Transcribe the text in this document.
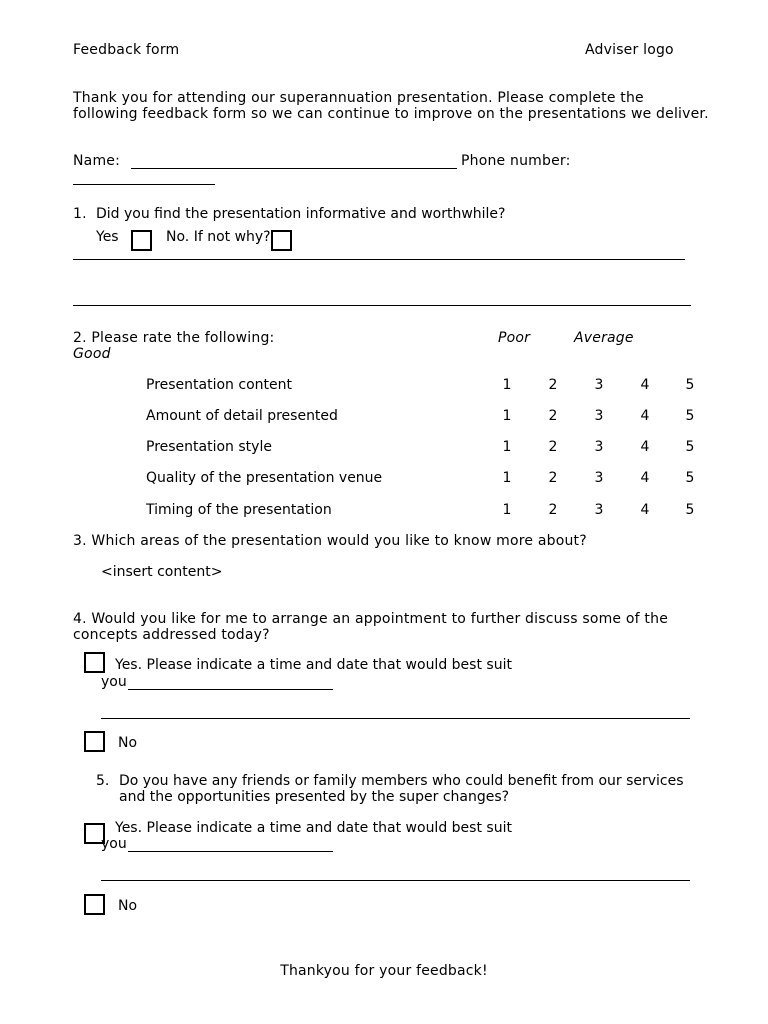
Feedback form	Adviser logo
Thank you for attending our superannuation presentation. Please complete the following feedback form so we can continue to improve on the presentations we deliver.
Name:	Phone number:
1. Did you find the presentation informative and worthwhile?
Yes	No. If not why?
2. Please rate the following:	Poor	Average
Good
Presentation content	1	2	3	4	5
Amount of detail presented	1	2	3	4	5
Presentation style	1	2	3	4	5
Quality of the presentation venue	1	2	3	4	5
Timing of the presentation	1	2	3	4	5
3. Which areas of the presentation would you like to know more about?
<insert content>
4. Would you like for me to arrange an appointment to further discuss some of the concepts addressed today?
Yes. Please indicate a time and date that would best suit
you
No
5. Do you have any friends or family members who could benefit from our services and the opportunities presented by the super changes?
Yes. Please indicate a time and date that would best suit
you
No
Thankyou for your feedback!
